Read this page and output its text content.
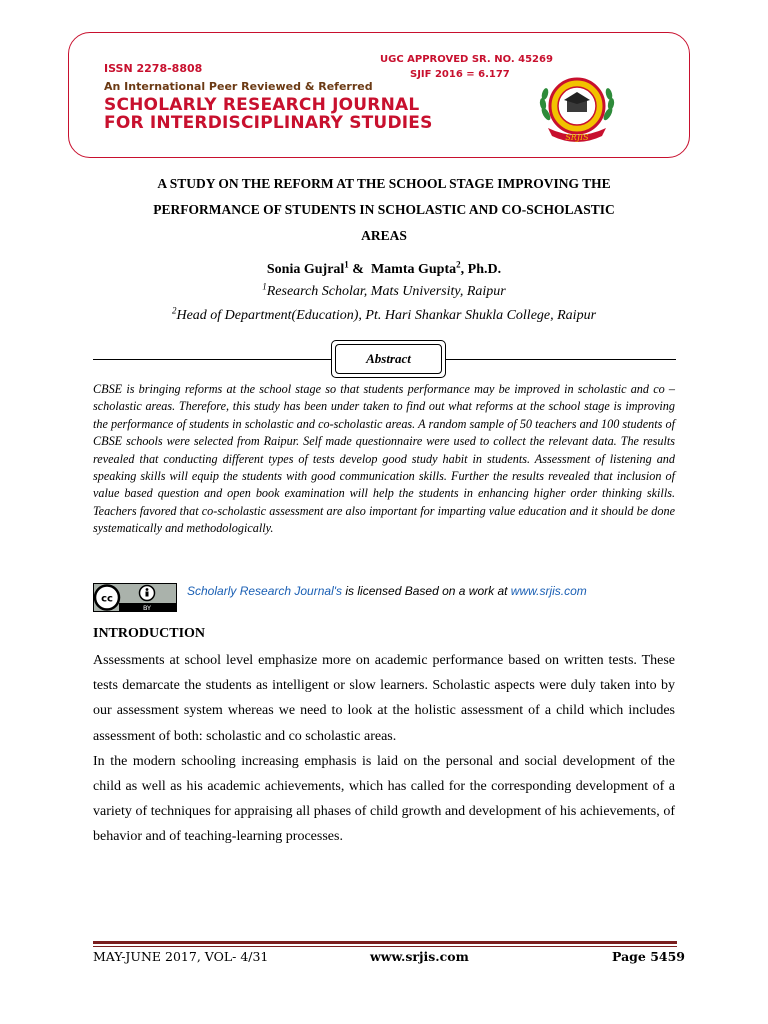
ISSN 2278-8808
An International Peer Reviewed & Referred
SCHOLARLY RESEARCH JOURNAL
FOR INTERDISCIPLINARY STUDIES
UGC APPROVED SR. NO. 45269
SJIF 2016 = 6.177
SRJIS
A STUDY ON THE REFORM AT THE SCHOOL STAGE IMPROVING THE
PERFORMANCE OF STUDENTS IN SCHOLASTIC AND CO-SCHOLASTIC
AREAS
Sonia Gujral$^1$ &  Mamta Gupta$^2$, Ph.D.
$^1$Research Scholar, Mats University, Raipur
$^2$Head of Department(Education), Pt. Hari Shankar Shukla College, Raipur
Abstract
CBSE is bringing reforms at the school stage so that students performance may be improved in scholastic and co – scholastic areas. Therefore, this study has been under taken to find out what reforms at the school stage is improving the performance of students in scholastic and co-scholastic areas. A random sample of 50 teachers and 100 students of CBSE schools were selected from Raipur. Self made questionnaire were used to collect the relevant data. The results revealed that conducting different types of tests develop good study habit in students. Assessment of listening and speaking skills will equip the students with good communication skills. Further the results revealed that inclusion of value based question and open book examination will help the students in enhancing higher order thinking skills. Teachers favored that co-scholastic assessment are also important for imparting value education and it should be done systematically and methodologically.
cc
BY
Scholarly Research Journal's is licensed Based on a work at www.srjis.com
INTRODUCTION

Assessments at school level emphasize more on academic performance based on written tests. These tests demarcate the students as intelligent or slow learners. Scholastic aspects were duly taken into by our assessment system whereas we need to look at the holistic assessment of a child which includes assessment of both: scholastic and co scholastic areas.

In the modern schooling increasing emphasis is laid on the personal and social development of the child as well as his academic achievements, which has called for the corresponding development of a variety of techniques for appraising all phases of child growth and development of his achievements, of behavior and of teaching-learning processes.

MAY-JUNE 2017, VOL- 4/31	www.srjis.com	Page 5459
